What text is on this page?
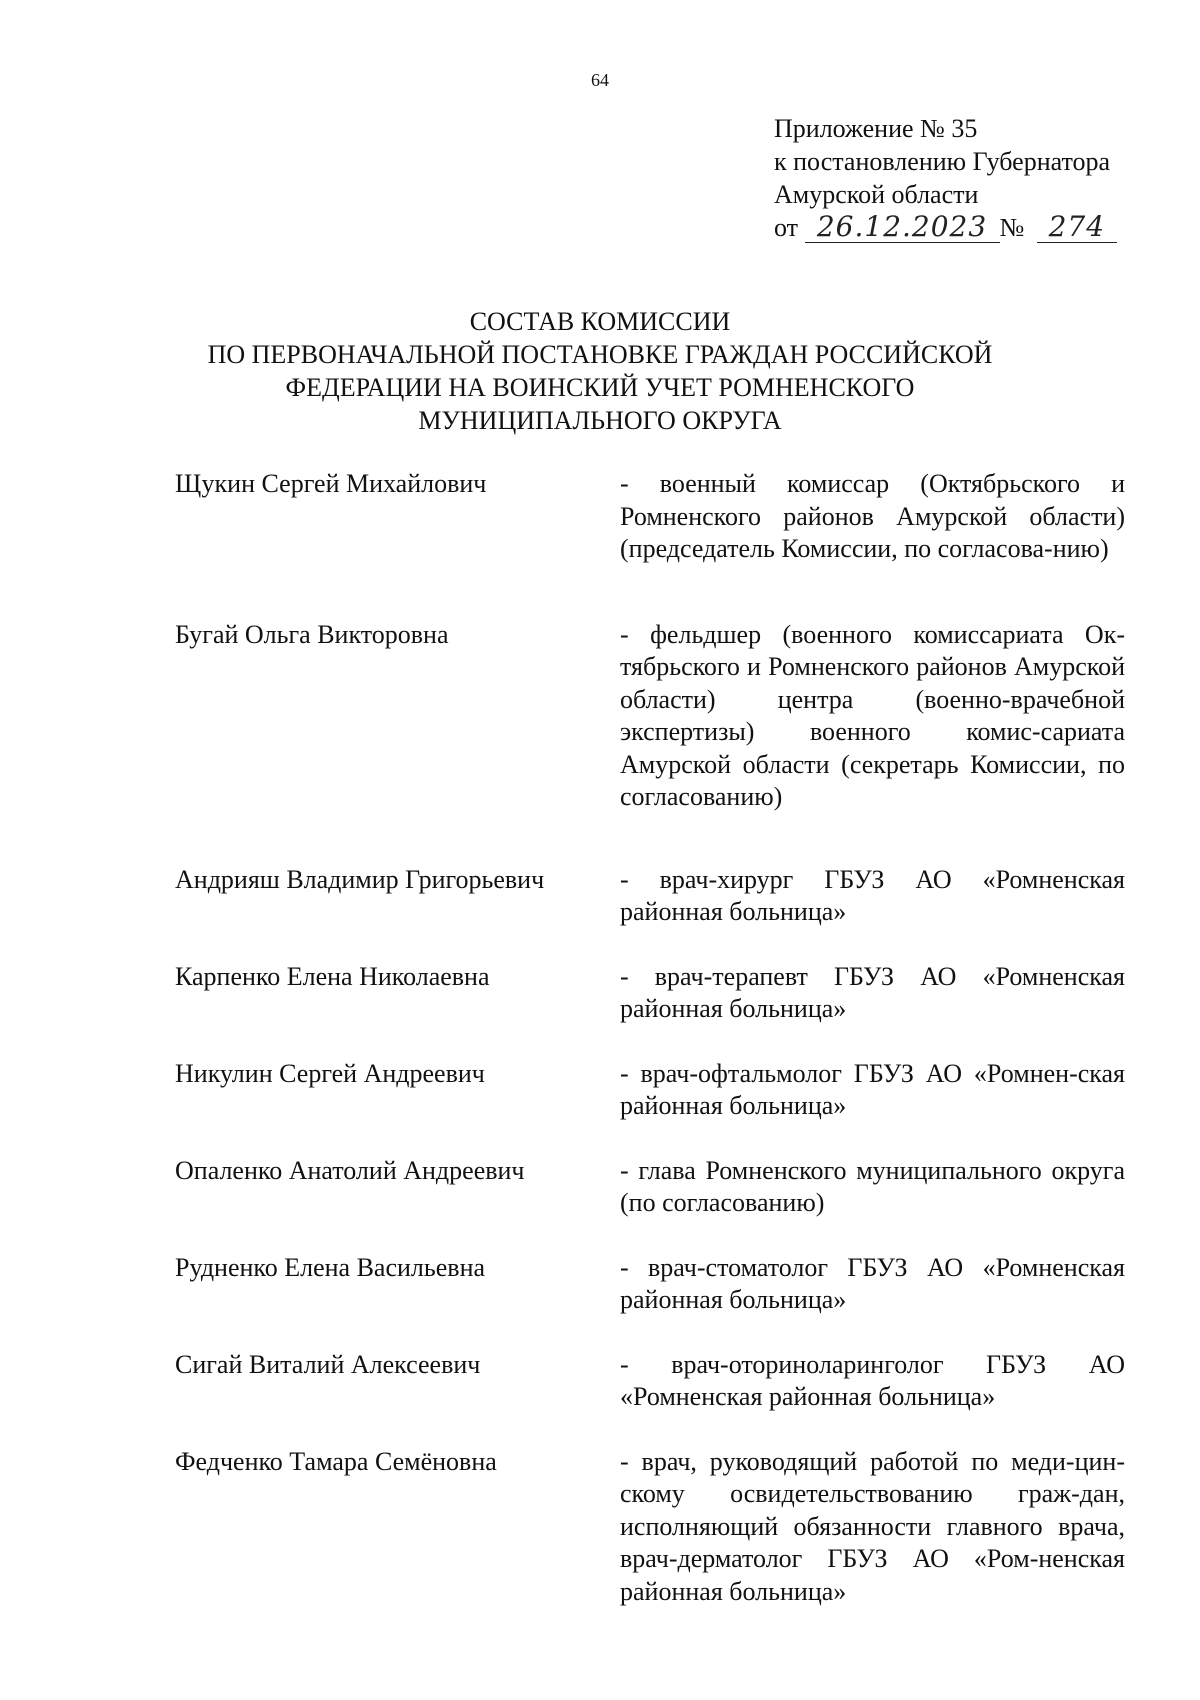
64
Приложение № 35
к постановлению Губернатора
Амурской области
от 26.12.2023 № 274
СОСТАВ КОМИССИИ
ПО ПЕРВОНАЧАЛЬНОЙ ПОСТАНОВКЕ ГРАЖДАН РОССИЙСКОЙ
ФЕДЕРАЦИИ НА ВОИНСКИЙ УЧЕТ РОМНЕНСКОГО
МУНИЦИПАЛЬНОГО ОКРУГА
Щукин Сергей Михайлович	- военный комиссар (Октябрьского и Ромненского районов Амурской области) (председатель Комиссии, по согласова-нию)
Бугай Ольга Викторовна	- фельдшер (военного комиссариата Ок-тябрьского и Ромненского районов Амурской области) центра (военно-врачебной экспертизы) военного комис-сариата Амурской области (секретарь Комиссии, по согласованию)
Андрияш Владимир Григорьевич	- врач-хирург ГБУЗ АО «Ромненская районная больница»
Карпенко Елена Николаевна	- врач-терапевт ГБУЗ АО «Ромненская районная больница»
Никулин Сергей Андреевич	- врач-офтальмолог ГБУЗ АО «Ромнен-ская районная больница»
Опаленко Анатолий Андреевич	- глава Ромненского муниципального округа (по согласованию)
Рудненко Елена Васильевна	- врач-стоматолог ГБУЗ АО «Ромненская районная больница»
Сигай Виталий Алексеевич	- врач-оториноларинголог ГБУЗ АО «Ромненская районная больница»
Федченко Тамара Семёновна	- врач, руководящий работой по меди-цин-скому освидетельствованию граж-дан, исполняющий обязанности главного врача, врач-дерматолог ГБУЗ АО «Ром-ненская районная больница»
